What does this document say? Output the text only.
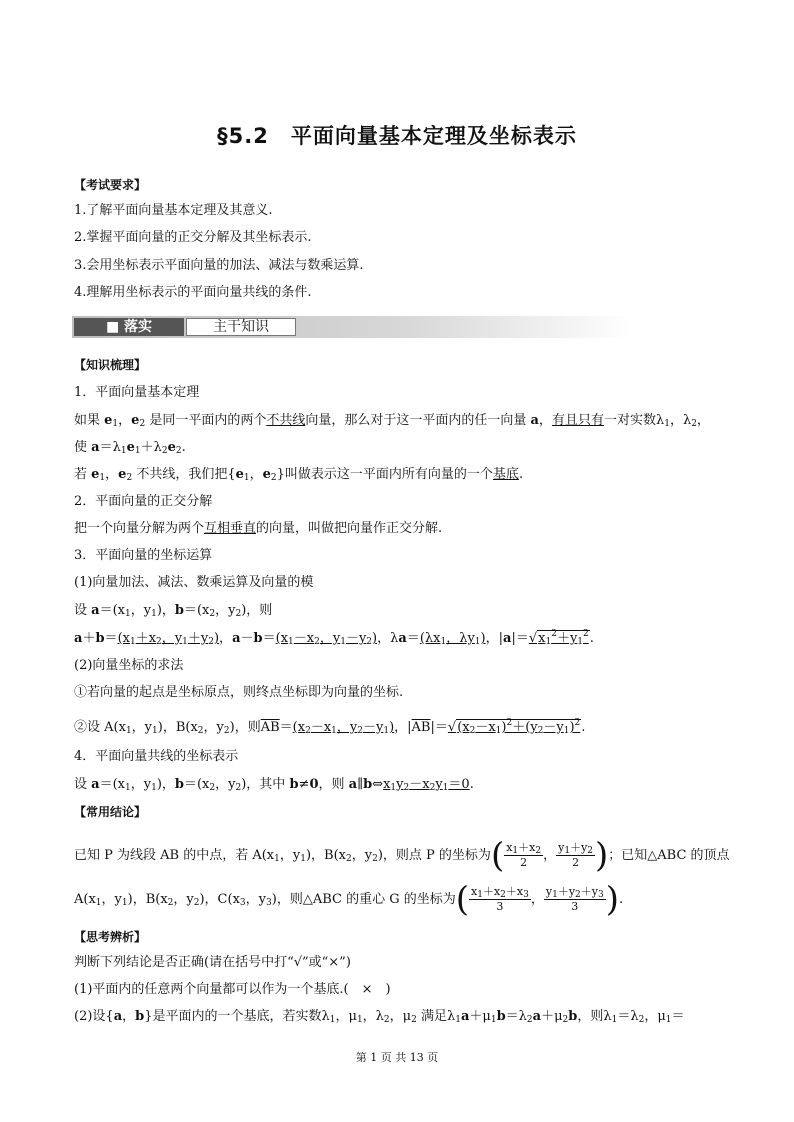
§5.2　平面向量基本定理及坐标表示
【考试要求】
1.了解平面向量基本定理及其意义.
2.掌握平面向量的正交分解及其坐标表示.
3.会用坐标表示平面向量的加法、减法与数乘运算.
4.理解用坐标表示的平面向量共线的条件.
■ 落实	主干知识
【知识梳理】
1．平面向量基本定理
如果 $e_1$，$e_2$ 是同一平面内的两个不共线向量，那么对于这一平面内的任一向量 a，有且只有一对实数$\lambda_1$，$\lambda_2$，
使 $a=\lambda_1e_1+\lambda_2e_2$.
若 $e_1$，$e_2$ 不共线，我们把{$e_1$，$e_2$}叫做表示这一平面内所有向量的一个基底.
2．平面向量的正交分解
把一个向量分解为两个互相垂直的向量，叫做把向量作正交分解.
3．平面向量的坐标运算
(1)向量加法、减法、数乘运算及向量的模
设 $a=(x_1$，$y_1$)，$b=(x_2$，$y_2$)，则
$a+b=(x_1+x_2$，$y_1+y_2$)，$a-b=(x_1-x_2$，$y_1-y_2$)，$\lambda a=(\lambda x_1$，$\lambda y_1$)，$|a|=√x_1^2+y_1^2$.
(2)向量坐标的求法
①若向量的起点是坐标原点，则终点坐标即为向量的坐标.
②设 $A(x_1$，$y_1$)，$B(x_2$，$y_2$)，则$\overline{AB}=(x_2-x_1$，$y_2-y_1$)，$|\overline{AB}|=√(x_2-x_1)^2+(y_2-y_1)^2$.
4．平面向量共线的坐标表示
设 $a=(x_1$，$y_1$)，$b=(x_2$，$y_2$)，其中 b≠0，则 $a\parallel b\Leftrightarrow x_1y_2-x_2y_1=0$.
【常用结论】
已知 P 为线段 AB 的中点，若 $A(x_1$，$y_1$)，$B(x_2$，$y_2$)，则点 P 的坐标为( $\frac{x_1+x_2}{2}$ ， $\frac{y_1+y_2}{2}$ )；已知△ABC 的顶点
$A(x_1$，$y_1$)，$B(x_2$，$y_2$)，$C(x_3$，$y_3$)，则△ABC 的重心 G 的坐标为( $\frac{x_1+x_2+x_3}{3}$ ， $\frac{y_1+y_2+y_3}{3}$ ).
【思考辨析】
判断下列结论是否正确(请在括号中打“√”或“×”)
(1)平面内的任意两个向量都可以作为一个基底.(　×　)
(2)设{a，b}是平面内的一个基底，若实数$\lambda_1$，$\mu_1$，$\lambda_2$，$\mu_2$ 满足$\lambda_1a+\mu_1b=\lambda_2a+\mu_2b$，则$\lambda_1=\lambda_2$，$\mu_1=$
第 1 页 共 13 页
